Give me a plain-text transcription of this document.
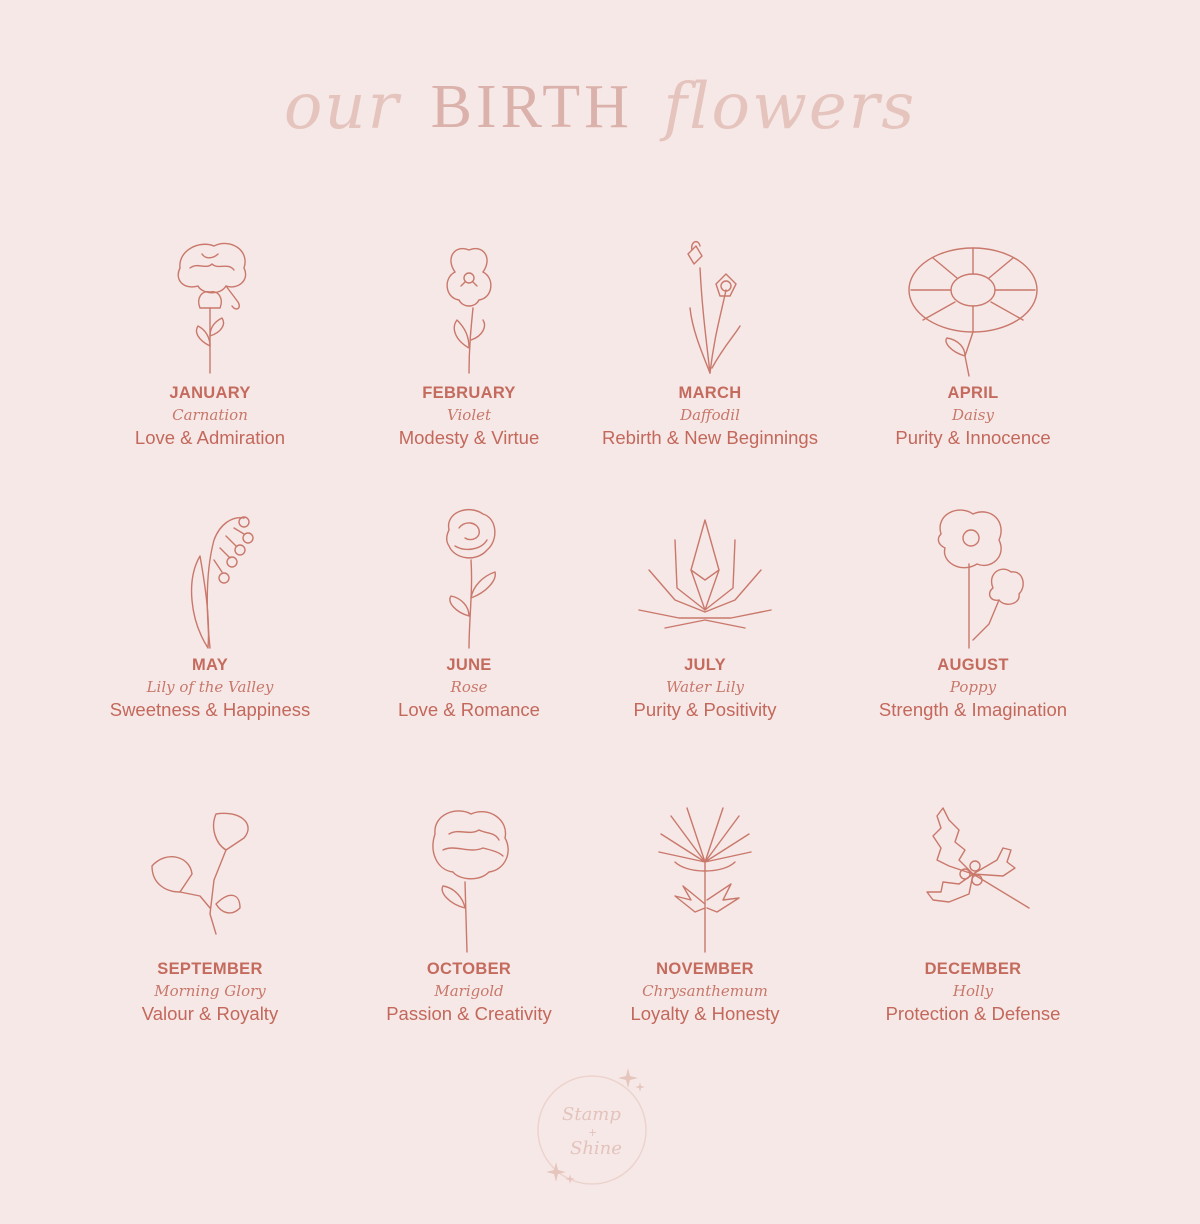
our BIRTH flowers
JANUARY
Carnation
Love & Admiration
FEBRUARY
Violet
Modesty & Virtue
MARCH
Daffodil
Rebirth & New Beginnings
APRIL
Daisy
Purity & Innocence
MAY
Lily of the Valley
Sweetness & Happiness
JUNE
Rose
Love & Romance
JULY
Water Lily
Purity & Positivity
AUGUST
Poppy
Strength & Imagination
SEPTEMBER
Morning Glory
Valour & Royalty
OCTOBER
Marigold
Passion & Creativity
NOVEMBER
Chrysanthemum
Loyalty & Honesty
DECEMBER
Holly
Protection & Defense
Stamp
+
Shine
